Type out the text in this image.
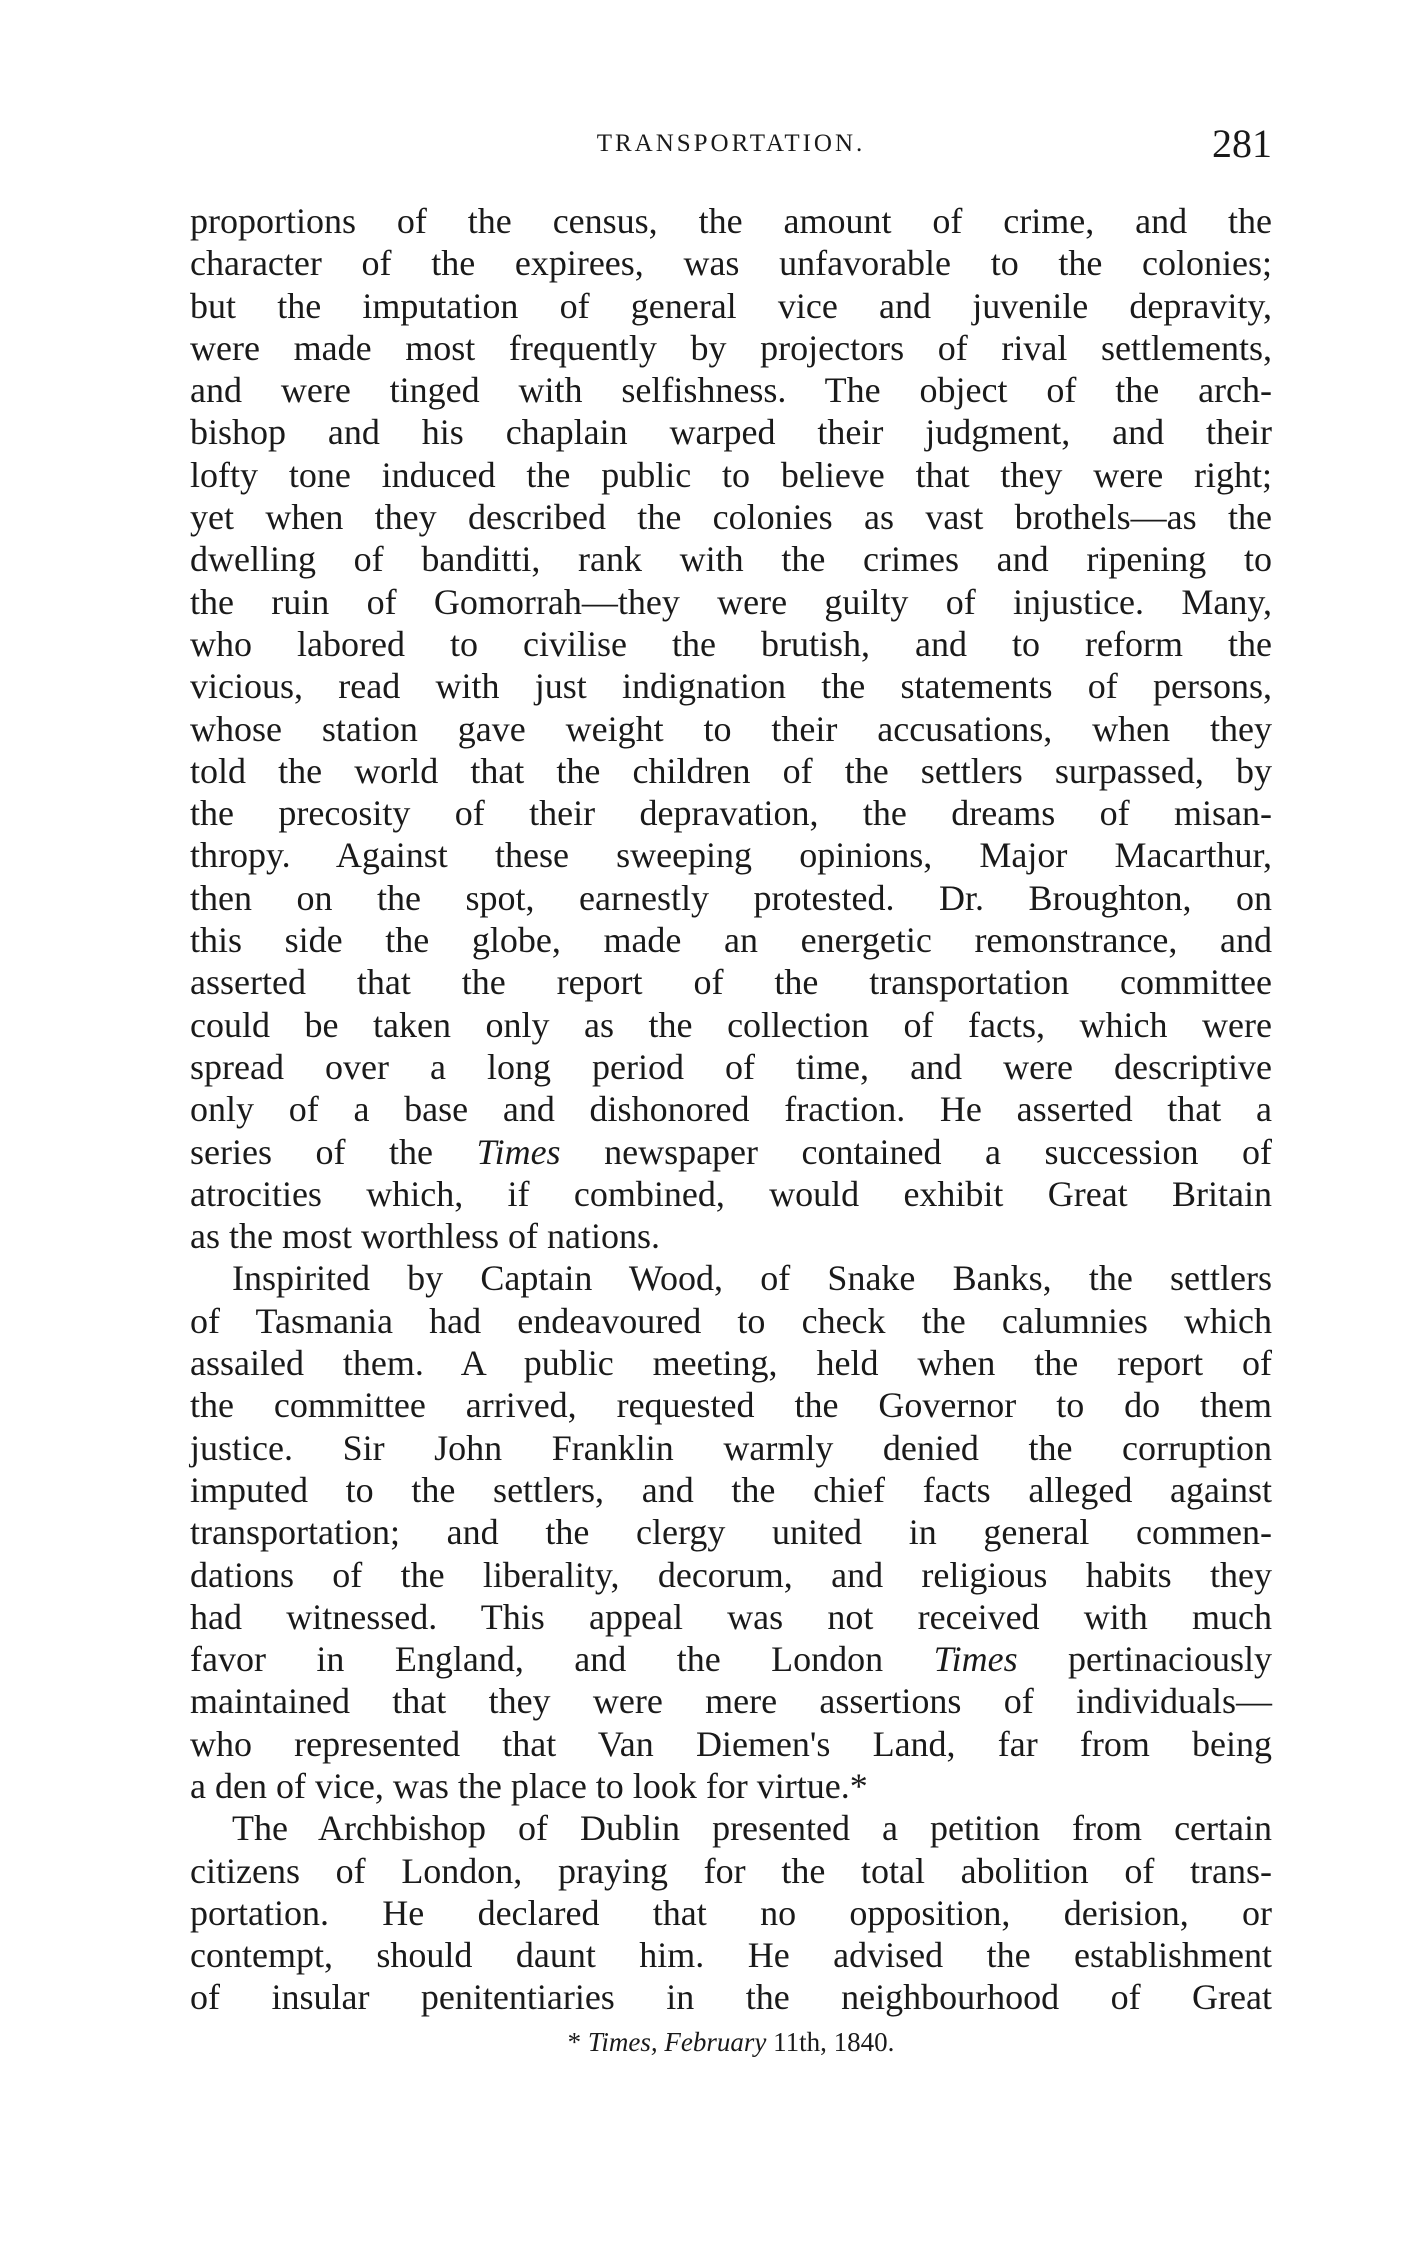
TRANSPORTATION.	281
proportions of the census, the amount of crime, and the
character of the expirees, was unfavorable to the colonies;
but the imputation of general vice and juvenile depravity,
were made most frequently by projectors of rival settlements,
and were tinged with selfishness. The object of the arch-
bishop and his chaplain warped their judgment, and their
lofty tone induced the public to believe that they were right;
yet when they described the colonies as vast brothels—as the
dwelling of banditti, rank with the crimes and ripening to
the ruin of Gomorrah—they were guilty of injustice. Many,
who labored to civilise the brutish, and to reform the
vicious, read with just indignation the statements of persons,
whose station gave weight to their accusations, when they
told the world that the children of the settlers surpassed, by
the precosity of their depravation, the dreams of misan-
thropy. Against these sweeping opinions, Major Macarthur,
then on the spot, earnestly protested. Dr. Broughton, on
this side the globe, made an energetic remonstrance, and
asserted that the report of the transportation committee
could be taken only as the collection of facts, which were
spread over a long period of time, and were descriptive
only of a base and dishonored fraction. He asserted that a
series of the Times newspaper contained a succession of
atrocities which, if combined, would exhibit Great Britain
as the most worthless of nations.
Inspirited by Captain Wood, of Snake Banks, the settlers
of Tasmania had endeavoured to check the calumnies which
assailed them. A public meeting, held when the report of
the committee arrived, requested the Governor to do them
justice. Sir John Franklin warmly denied the corruption
imputed to the settlers, and the chief facts alleged against
transportation; and the clergy united in general commen-
dations of the liberality, decorum, and religious habits they
had witnessed. This appeal was not received with much
favor in England, and the London Times pertinaciously
maintained that they were mere assertions of individuals—
who represented that Van Diemen's Land, far from being
a den of vice, was the place to look for virtue.*
The Archbishop of Dublin presented a petition from certain
citizens of London, praying for the total abolition of trans-
portation. He declared that no opposition, derision, or
contempt, should daunt him. He advised the establishment
of insular penitentiaries in the neighbourhood of Great
* Times, February 11th, 1840.
